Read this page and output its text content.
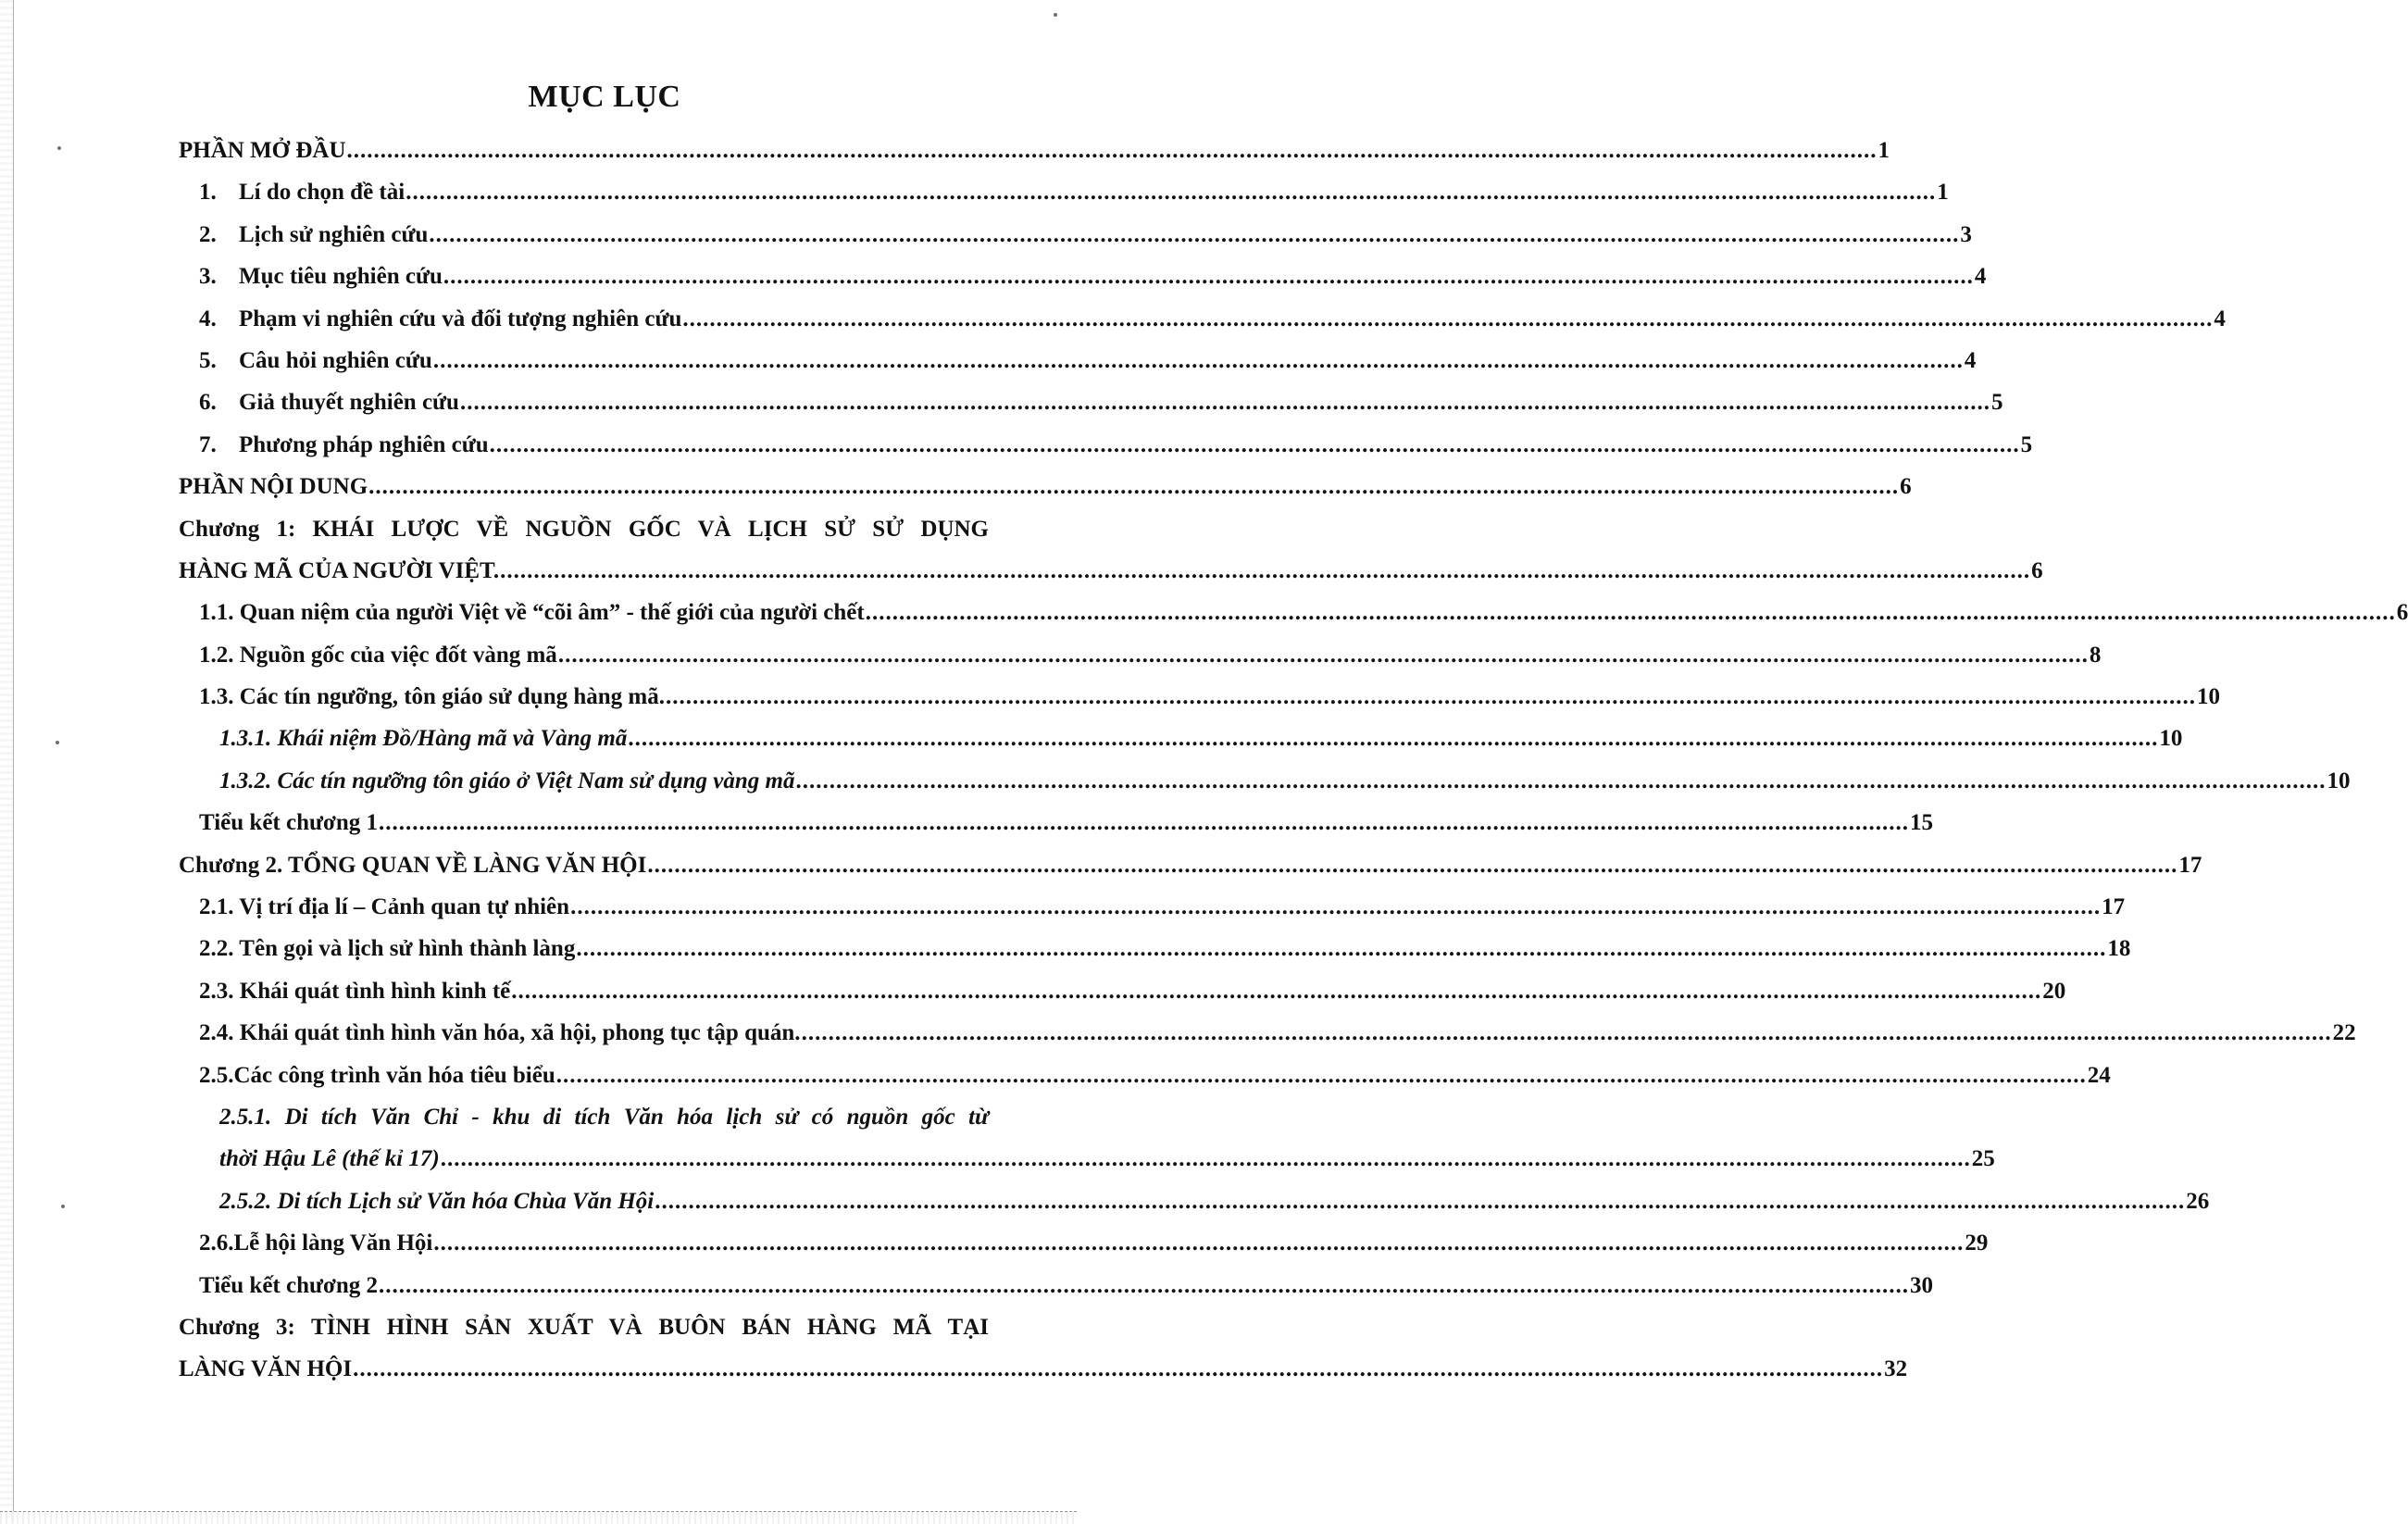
MỤC LỤC
PHẦN MỞ ĐẦU .....	1
1. Lí do chọn đề tài .....	1
2. Lịch sử nghiên cứu .....	3
3. Mục tiêu nghiên cứu .....	4
4. Phạm vi nghiên cứu và đối tượng nghiên cứu .....	4
5. Câu hỏi nghiên cứu .....	4
6. Giả thuyết nghiên cứu .....	5
7. Phương pháp nghiên cứu .....	5
PHẦN NỘI DUNG .....	6
Chương 1: KHÁI LƯỢC VỀ NGUỒN GỐC VÀ LỊCH SỬ SỬ DỤNG
HÀNG MÃ CỦA NGƯỜI VIỆT. .....	6
1.1. Quan niệm của người Việt về “cõi âm” - thế giới của người chết .....	6
1.2. Nguồn gốc của việc đốt vàng mã .....	8
1.3. Các tín ngưỡng, tôn giáo sử dụng hàng mã. .....	10
1.3.1. Khái niệm Đồ/Hàng mã và Vàng mã .....	10
1.3.2. Các tín ngưỡng tôn giáo ở Việt Nam sử dụng vàng mã .....	10
Tiểu kết chương 1 .....	15
Chương 2. TỔNG QUAN VỀ LÀNG VĂN HỘI .....	17
2.1. Vị trí địa lí – Cảnh quan tự nhiên .....	17
2.2. Tên gọi và lịch sử hình thành làng .....	18
2.3. Khái quát tình hình kinh tế .....	20
2.4. Khái quát tình hình văn hóa, xã hội, phong tục tập quán. .....	22
2.5.Các công trình văn hóa tiêu biểu .....	24
2.5.1. Di tích Văn Chỉ - khu di tích Văn hóa lịch sử có nguồn gốc từ
thời Hậu Lê (thế kỉ 17) .....	25
2.5.2. Di tích Lịch sử Văn hóa Chùa Văn Hội .....	26
2.6.Lễ hội làng Văn Hội .....	29
Tiểu kết chương 2 .....	30
Chương 3: TÌNH HÌNH SẢN XUẤT VÀ BUÔN BÁN HÀNG MÃ TẠI
LÀNG VĂN HỘI .....	32
